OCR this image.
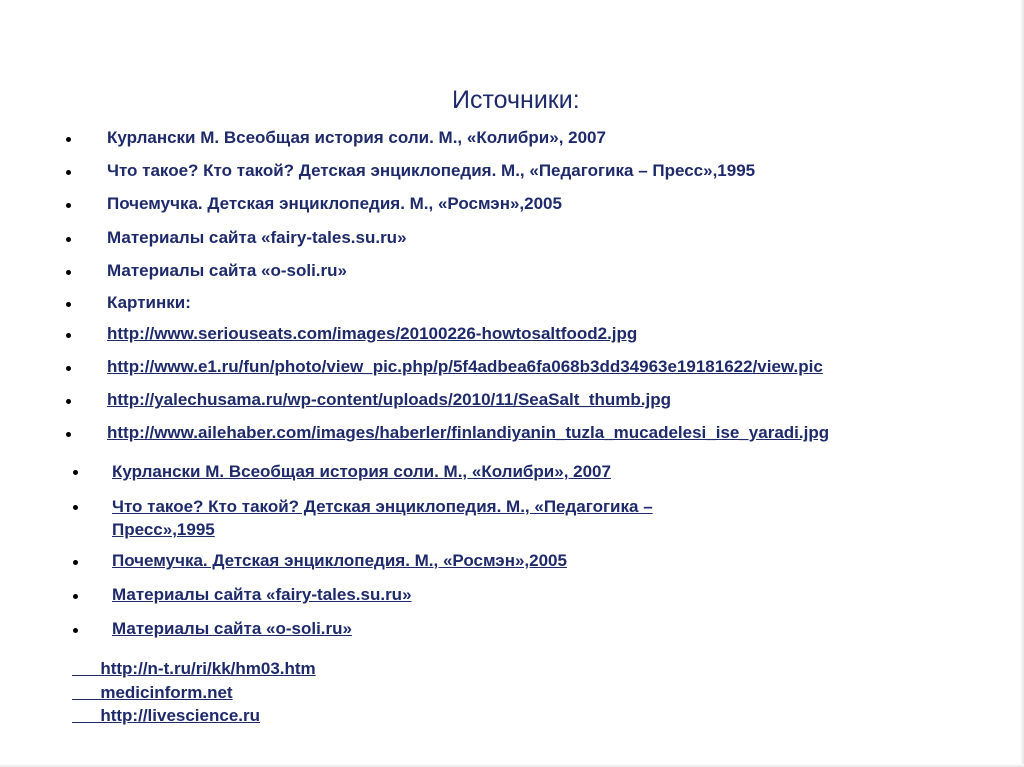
Источники:
Курлански М. Всеобщая история соли. М., «Колибри», 2007
Что такое? Кто такой? Детская энциклопедия. М., «Педагогика – Пресс»,1995
Почемучка. Детская энциклопедия. М., «Росмэн»,2005
Материалы сайта «fairy-tales.su.ru»
Материалы сайта «o-soli.ru»
Картинки:
http://www.seriouseats.com/images/20100226-howtosaltfood2.jpg
http://www.e1.ru/fun/photo/view_pic.php/p/5f4adbea6fa068b3dd34963e19181622/view.pic
http://yalechusama.ru/wp-content/uploads/2010/11/SeaSalt_thumb.jpg
http://www.ailehaber.com/images/haberler/finlandiyanin_tuzla_mucadelesi_ise_yaradi.jpg
Курлански М. Всеобщая история соли. М., «Колибри», 2007
Что такое? Кто такой? Детская энциклопедия. М., «Педагогика –
Пресс»,1995
Почемучка. Детская энциклопедия. М., «Росмэн»,2005
Материалы сайта «fairy-tales.su.ru»
Материалы сайта «o-soli.ru»
http://n-t.ru/ri/kk/hm03.htm
medicinform.net
http://livescience.ru
